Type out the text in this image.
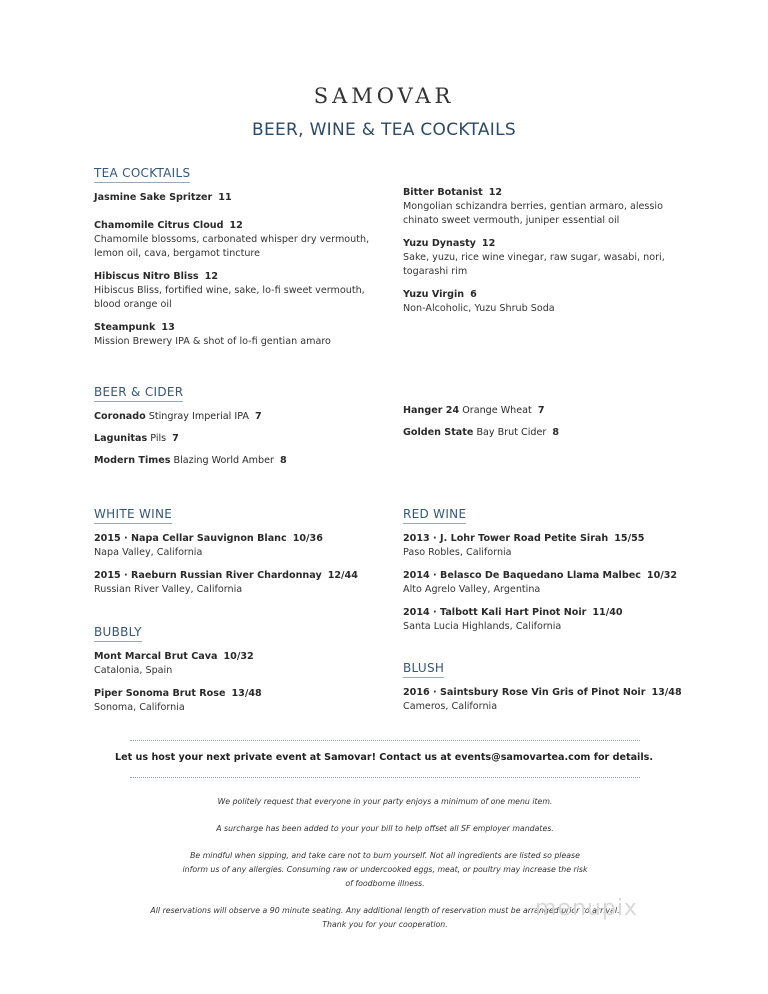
SAMOVAR
BEER, WINE & TEA COCKTAILS
TEA COCKTAILS

Jasmine Sake Spritzer 11
Chamomile Citrus Cloud 12
Chamomile blossoms, carbonated whisper dry vermouth, lemon oil, cava, bergamot tincture
Hibiscus Nitro Bliss 12
Hibiscus Bliss, fortified wine, sake, lo-fi sweet vermouth, blood orange oil
Steampunk 13
Mission Brewery IPA & shot of lo-fi gentian amaro
Bitter Botanist 12
Mongolian schizandra berries, gentian armaro, alessio chinato sweet vermouth, juniper essential oil
Yuzu Dynasty 12
Sake, yuzu, rice wine vinegar, raw sugar, wasabi, nori, togarashi rim
Yuzu Virgin 6
Non-Alcoholic, Yuzu Shrub Soda
BEER & CIDER

Coronado Stingray Imperial IPA 7
Lagunitas Pils 7
Modern Times Blazing World Amber 8
Hanger 24 Orange Wheat 7
Golden State Bay Brut Cider 8
WHITE WINE

2015 · Napa Cellar Sauvignon Blanc 10/36
Napa Valley, California
2015 · Raeburn Russian River Chardonnay 12/44
Russian River Valley, California
RED WINE

2013 · J. Lohr Tower Road Petite Sirah 15/55
Paso Robles, California
2014 · Belasco De Baquedano Llama Malbec 10/32
Alto Agrelo Valley, Argentina
2014 · Talbott Kali Hart Pinot Noir 11/40
Santa Lucia Highlands, California
BUBBLY

Mont Marcal Brut Cava 10/32
Catalonia, Spain
Piper Sonoma Brut Rose 13/48
Sonoma, California
BLUSH

2016 · Saintsbury Rose Vin Gris of Pinot Noir 13/48
Cameros, California
Let us host your next private event at Samovar! Contact us at events@samovartea.com for details.

We politely request that everyone in your party enjoys a minimum of one menu item.

A surcharge has been added to your your bill to help offset all SF employer mandates.

Be mindful when sipping, and take care not to burn yourself. Not all ingredients are listed so please inform us of any allergies. Consuming raw or undercooked eggs, meat, or poultry may increase the risk of foodborne illness.

All reservations will observe a 90 minute seating. Any additional length of reservation must be arranged prior to arrival. Thank you for your cooperation.

menupix
